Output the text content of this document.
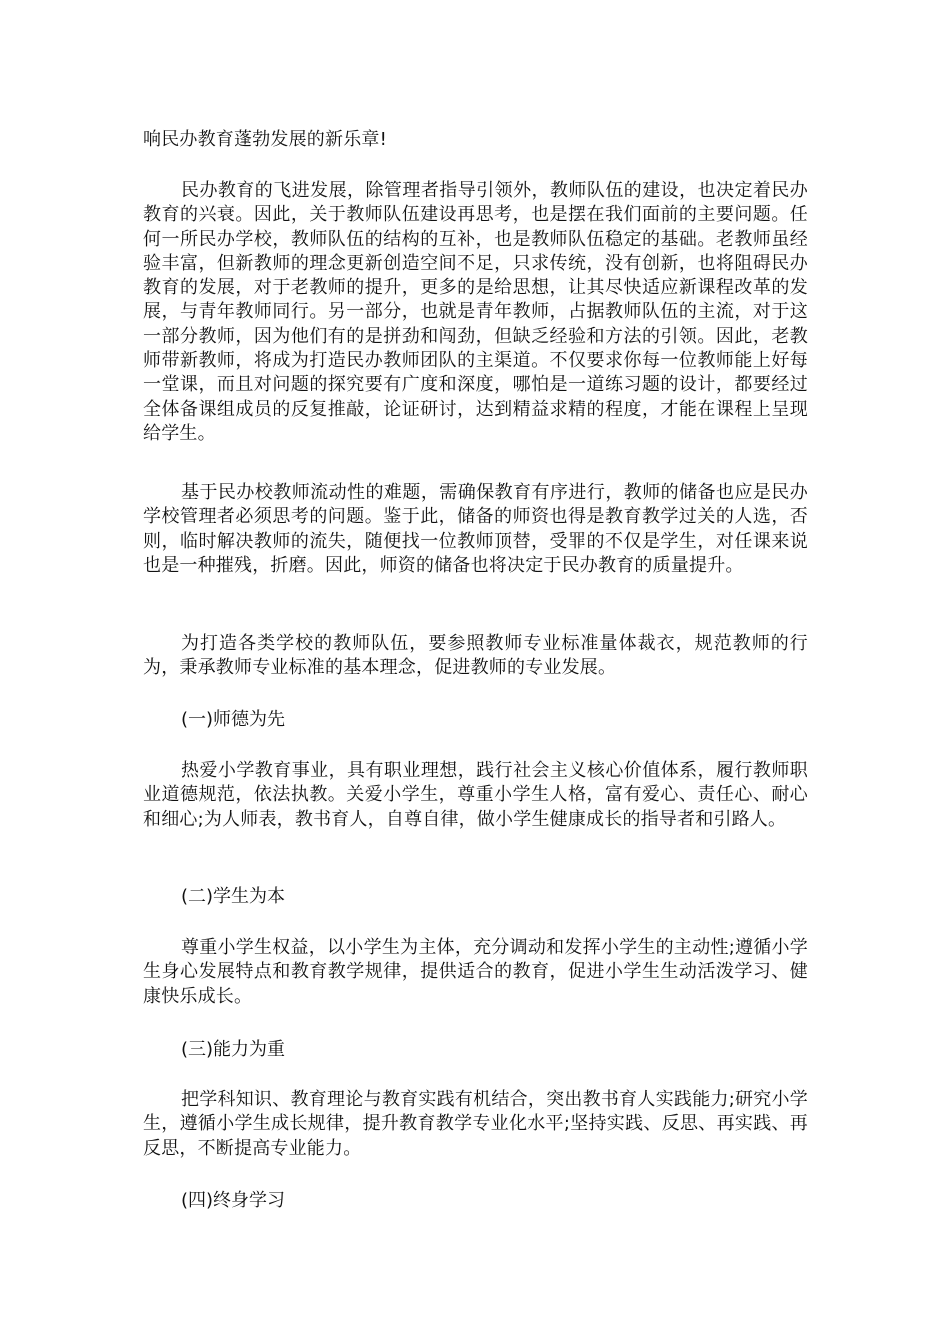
响民办教育蓬勃发展的新乐章!

民办教育的飞进发展，除管理者指导引领外，教师队伍的建设，也决定着民办教育的兴衰。因此，关于教师队伍建设再思考，也是摆在我们面前的主要问题。任何一所民办学校，教师队伍的结构的互补，也是教师队伍稳定的基础。老教师虽经验丰富，但新教师的理念更新创造空间不足，只求传统，没有创新，也将阻碍民办教育的发展，对于老教师的提升，更多的是给思想，让其尽快适应新课程改革的发展，与青年教师同行。另一部分，也就是青年教师，占据教师队伍的主流，对于这一部分教师，因为他们有的是拼劲和闯劲，但缺乏经验和方法的引领。因此，老教师带新教师，将成为打造民办教师团队的主渠道。不仅要求你每一位教师能上好每一堂课，而且对问题的探究要有广度和深度，哪怕是一道练习题的设计，都要经过全体备课组成员的反复推敲，论证研讨，达到精益求精的程度，才能在课程上呈现给学生。

基于民办校教师流动性的难题，需确保教育有序进行，教师的储备也应是民办学校管理者必须思考的问题。鉴于此，储备的师资也得是教育教学过关的人选，否则，临时解决教师的流失，随便找一位教师顶替，受罪的不仅是学生，对任课来说也是一种摧残，折磨。因此，师资的储备也将决定于民办教育的质量提升。

为打造各类学校的教师队伍，要参照教师专业标准量体裁衣，规范教师的行为，秉承教师专业标准的基本理念，促进教师的专业发展。

(一)师德为先

热爱小学教育事业，具有职业理想，践行社会主义核心价值体系，履行教师职业道德规范，依法执教。关爱小学生，尊重小学生人格，富有爱心、责任心、耐心和细心;为人师表，教书育人，自尊自律，做小学生健康成长的指导者和引路人。

(二)学生为本

尊重小学生权益，以小学生为主体，充分调动和发挥小学生的主动性;遵循小学生身心发展特点和教育教学规律，提供适合的教育，促进小学生生动活泼学习、健康快乐成长。

(三)能力为重

把学科知识、教育理论与教育实践有机结合，突出教书育人实践能力;研究小学生，遵循小学生成长规律，提升教育教学专业化水平;坚持实践、反思、再实践、再反思，不断提高专业能力。

(四)终身学习
